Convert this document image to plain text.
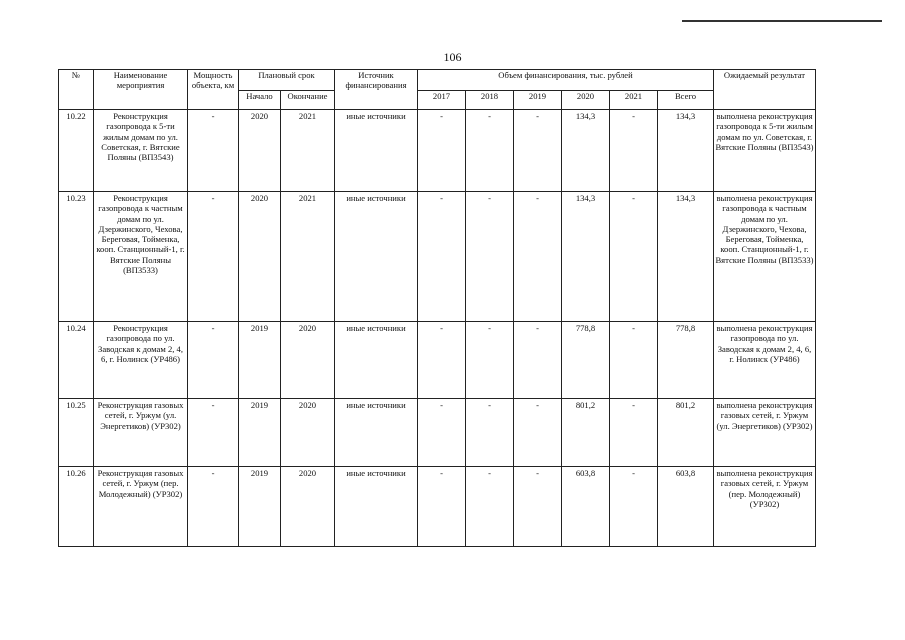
106
№	Наименование мероприятия	Мощность объекта, км	Плановый срок		Источник финансирования	Объем финансирования, тыс. рублей						Ожидаемый результат
			Начало	Окончание		2017	2018	2019	2020	2021	Всего	
10.22	Реконструкция газопровода к 5-ти жилым домам по ул. Советская, г. Вятские Поляны (ВП3543)	-	2020	2021	иные источники	-	-	-	134,3	-	134,3	выполнена реконструкция газопровода к 5-ти жилым домам по ул. Советская, г. Вятские Поляны (ВП3543)
10.23	Реконструкция газопровода к частным домам по ул. Дзержинского, Чехова, Береговая, Тойменка, кооп. Станционный-1, г. Вятские Поляны (ВП3533)	-	2020	2021	иные источники	-	-	-	134,3	-	134,3	выполнена реконструкция газопровода к частным домам по ул. Дзержинского, Чехова, Береговая, Тойменка, кооп. Станционный-1, г. Вятские Поляны (ВП3533)
10.24	Реконструкция газопровода по ул. Заводская к домам 2, 4, 6, г. Нолинск (УР486)	-	2019	2020	иные источники	-	-	-	778,8	-	778,8	выполнена реконструкция газопровода по ул. Заводская к домам 2, 4, 6, г. Нолинск (УР486)
10.25	Реконструкция газовых сетей, г. Уржум (ул. Энергетиков) (УР302)	-	2019	2020	иные источники	-	-	-	801,2	-	801,2	выполнена реконструкция газовых сетей, г. Уржум (ул. Энергетиков) (УР302)
10.26	Реконструкция газовых сетей, г. Уржум (пер. Молодежный) (УР302)	-	2019	2020	иные источники	-	-	-	603,8	-	603,8	выполнена реконструкция газовых сетей, г. Уржум (пер. Молодежный) (УР302)
